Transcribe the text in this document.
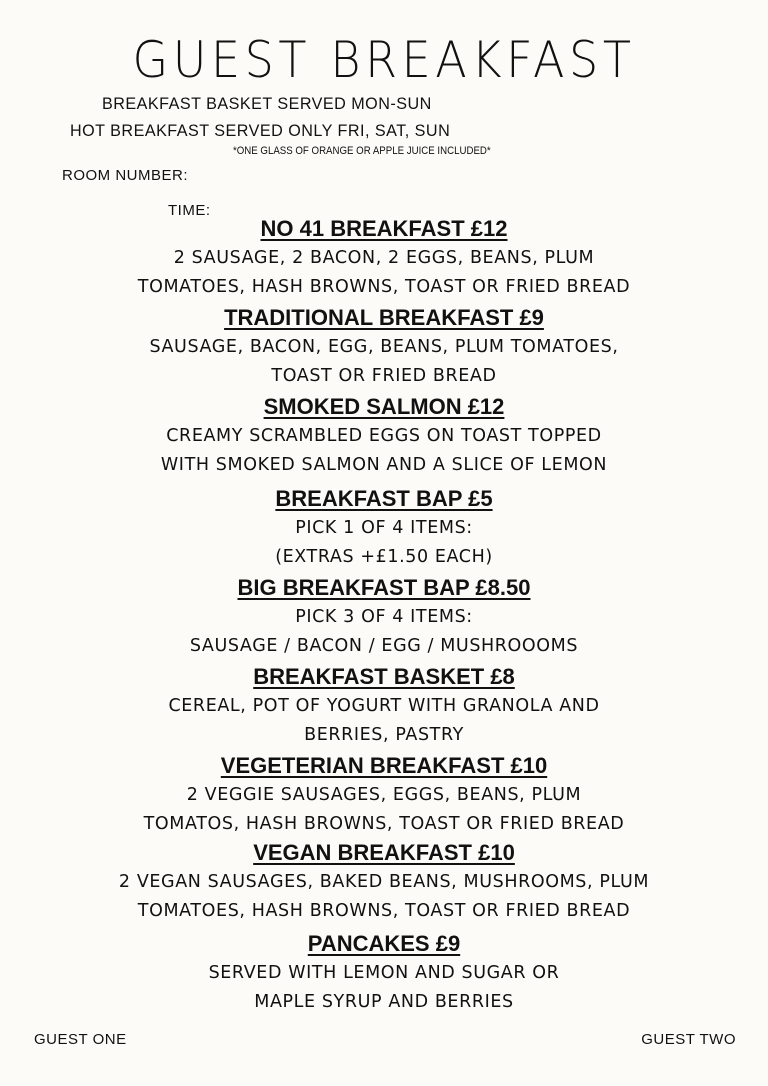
GUEST BREAKFAST
BREAKFAST BASKET SERVED MON-SUN
HOT BREAKFAST SERVED ONLY FRI, SAT, SUN
*ONE GLASS OF ORANGE OR APPLE JUICE INCLUDED*
ROOM NUMBER:
TIME:
NO 41 BREAKFAST £12
2 SAUSAGE, 2 BACON, 2 EGGS, BEANS, PLUM
TOMATOES, HASH BROWNS, TOAST OR FRIED BREAD
TRADITIONAL BREAKFAST £9
SAUSAGE, BACON, EGG, BEANS, PLUM TOMATOES,
TOAST OR FRIED BREAD
SMOKED SALMON £12
CREAMY SCRAMBLED EGGS ON TOAST TOPPED
WITH SMOKED SALMON AND A SLICE OF LEMON
BREAKFAST BAP £5
PICK 1 OF 4 ITEMS:
(EXTRAS +£1.50 EACH)
BIG BREAKFAST BAP £8.50
PICK 3 OF 4 ITEMS:
SAUSAGE / BACON / EGG / MUSHROOOMS
BREAKFAST BASKET £8
CEREAL, POT OF YOGURT WITH GRANOLA AND
BERRIES, PASTRY
VEGETERIAN BREAKFAST £10
2 VEGGIE SAUSAGES, EGGS, BEANS, PLUM
TOMATOS, HASH BROWNS, TOAST OR FRIED BREAD
VEGAN BREAKFAST £10
2 VEGAN SAUSAGES, BAKED BEANS, MUSHROOMS, PLUM
TOMATOES, HASH BROWNS, TOAST OR FRIED BREAD
PANCAKES £9
SERVED WITH LEMON AND SUGAR OR
MAPLE SYRUP AND BERRIES
GUEST ONE	GUEST TWO
